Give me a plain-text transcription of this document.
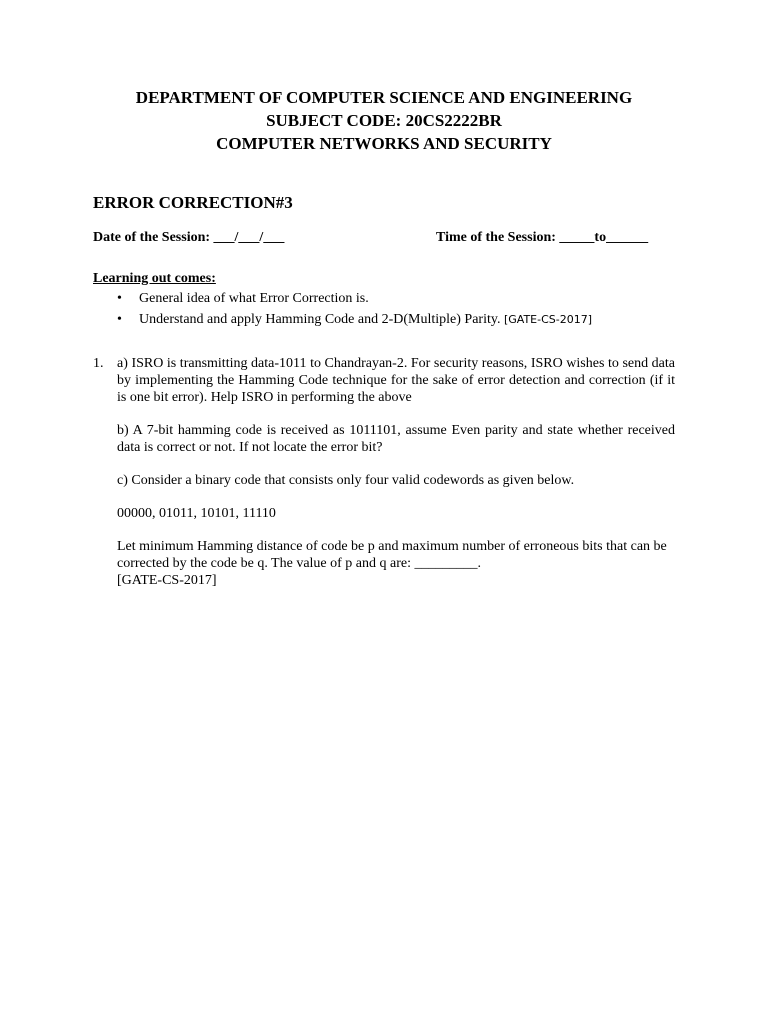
DEPARTMENT OF COMPUTER SCIENCE AND ENGINEERING
SUBJECT CODE: 20CS2222BR
COMPUTER NETWORKS AND SECURITY
ERROR CORRECTION#3
Date of the Session: ___/___/___	Time of the Session: _____to______
Learning out comes:
• General idea of what Error Correction is.
• Understand and apply Hamming Code and 2-D(Multiple) Parity. [GATE-CS-2017]
1. a) ISRO is transmitting data-1011 to Chandrayan-2. For security reasons, ISRO wishes to send data by implementing the Hamming Code technique for the sake of error detection and correction (if it is one bit error). Help ISRO in performing the above

b) A 7-bit hamming code is received as 1011101, assume Even parity and state whether received data is correct or not. If not locate the error bit?

c) Consider a binary code that consists only four valid codewords as given below.

00000, 01011, 10101, 11110

Let minimum Hamming distance of code be p and maximum number of erroneous bits that can be corrected by the code be q. The value of p and q are: _________.

[GATE-CS-2017]
